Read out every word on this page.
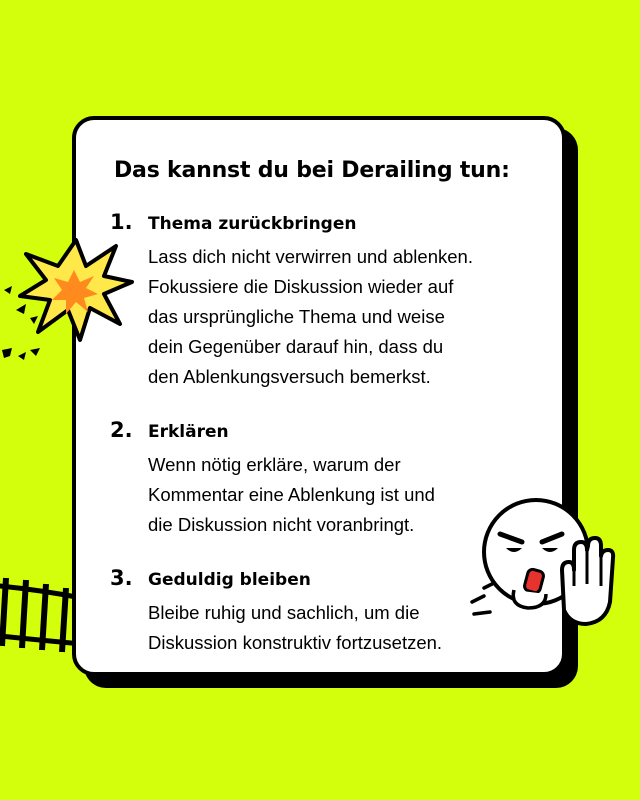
Das kannst du bei Derailing tun:
1. Thema zurückbringen

Lass dich nicht verwirren und ablenken.
Fokussiere die Diskussion wieder auf
das ursprüngliche Thema und weise
dein Gegenüber darauf hin, dass du
den Ablenkungsversuch bemerkst.

2. Erklären

Wenn nötig erkläre, warum der
Kommentar eine Ablenkung ist und
die Diskussion nicht voranbringt.

3. Geduldig bleiben

Bleibe ruhig und sachlich, um die
Diskussion konstruktiv fortzusetzen.
